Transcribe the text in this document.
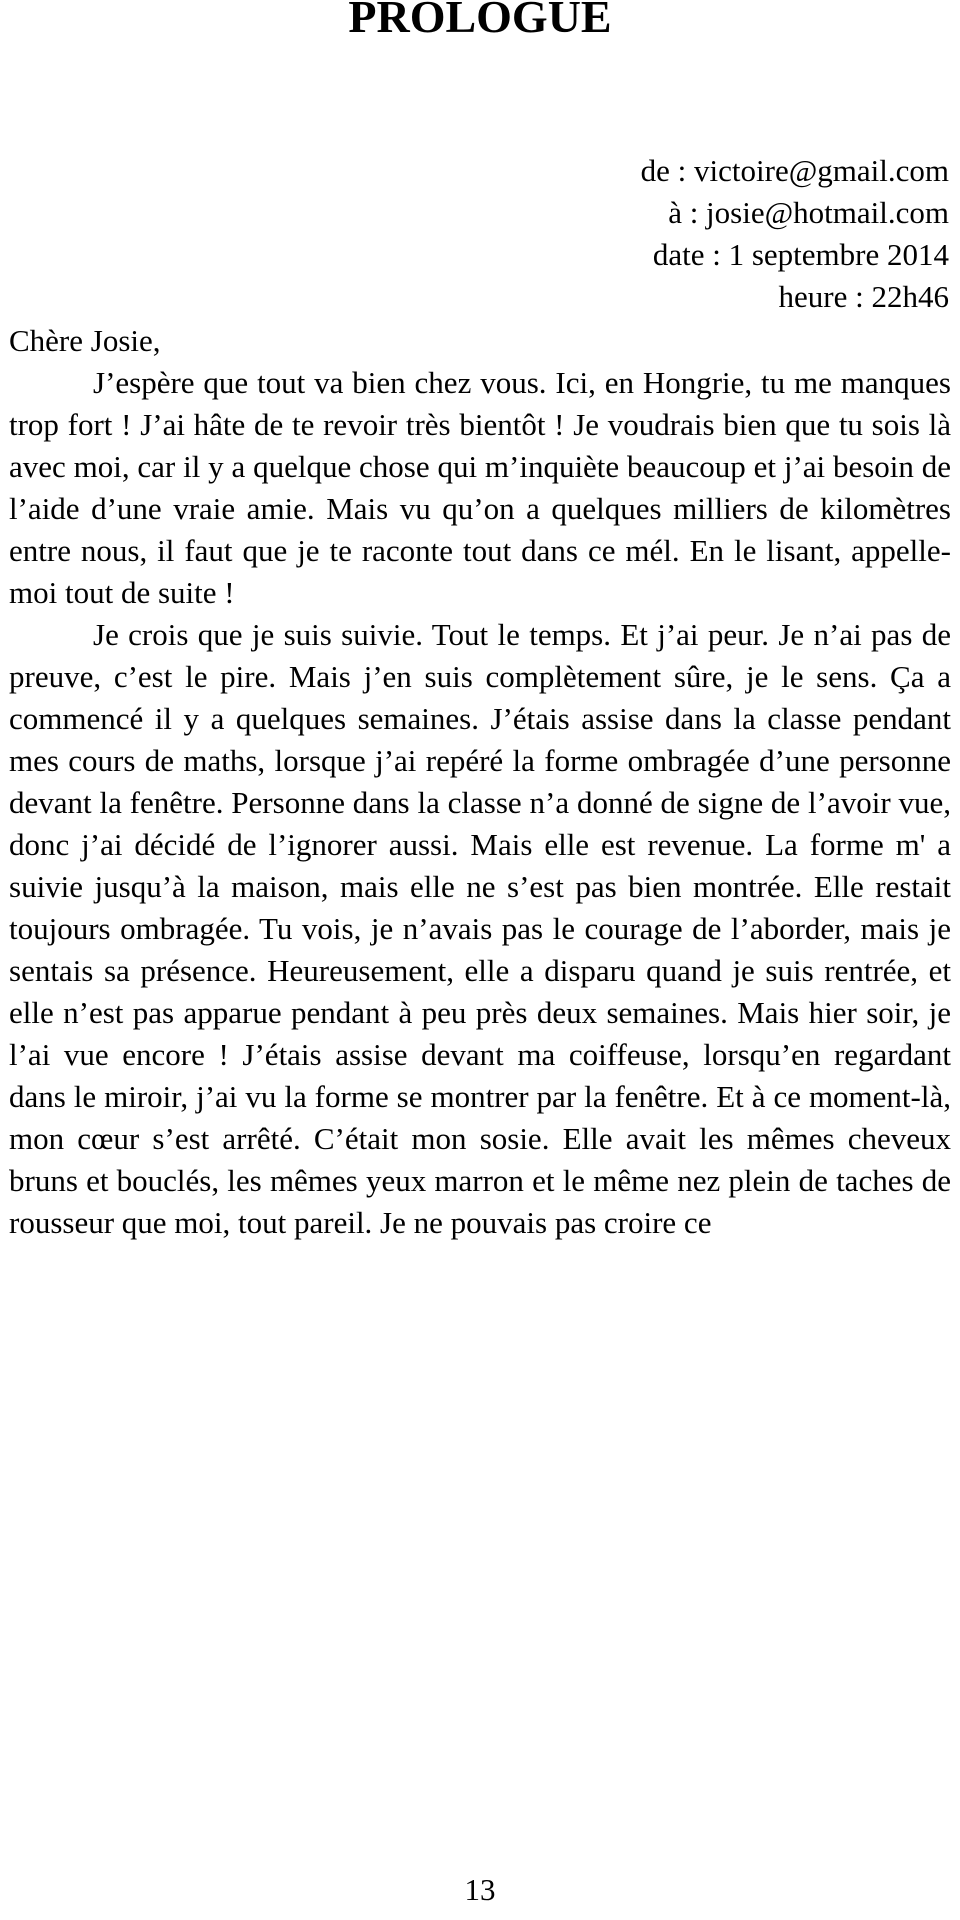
PROLOGUE
de : victoire@gmail.com
à : josie@hotmail.com
date : 1 septembre 2014
heure : 22h46
Chère Josie,

J’espère que tout va bien chez vous. Ici, en Hongrie, tu me manques trop fort ! J’ai hâte de te revoir très bientôt ! Je voudrais bien que tu sois là avec moi, car il y a quelque chose qui m’inquiète beaucoup et j’ai besoin de l’aide d’une vraie amie. Mais vu qu’on a quelques milliers de kilomètres entre nous, il faut que je te raconte tout dans ce mél. En le lisant, appelle-moi tout de suite !

Je crois que je suis suivie. Tout le temps. Et j’ai peur. Je n’ai pas de preuve, c’est le pire. Mais j’en suis complètement sûre, je le sens. Ça a commencé il y a quelques semaines. J’étais assise dans la classe pendant mes cours de maths, lorsque j’ai repéré la forme ombragée d’une personne devant la fenêtre. Personne dans la classe n’a donné de signe de l’avoir vue, donc j’ai décidé de l’ignorer aussi. Mais elle est revenue. La forme m' a suivie jusqu’à la maison, mais elle ne s’est pas bien montrée. Elle restait toujours ombragée. Tu vois, je n’avais pas le courage de l’aborder, mais je sentais sa présence. Heureusement, elle a disparu quand je suis rentrée, et elle n’est pas apparue pendant à peu près deux semaines. Mais hier soir, je l’ai vue encore ! J’étais assise devant ma coiffeuse, lorsqu’en regardant dans le miroir, j’ai vu la forme se montrer par la fenêtre. Et à ce moment-là, mon cœur s’est arrêté. C’était mon sosie. Elle avait les mêmes cheveux bruns et bouclés, les mêmes yeux marron et le même nez plein de taches de rousseur que moi, tout pareil. Je ne pouvais pas croire ce

13
